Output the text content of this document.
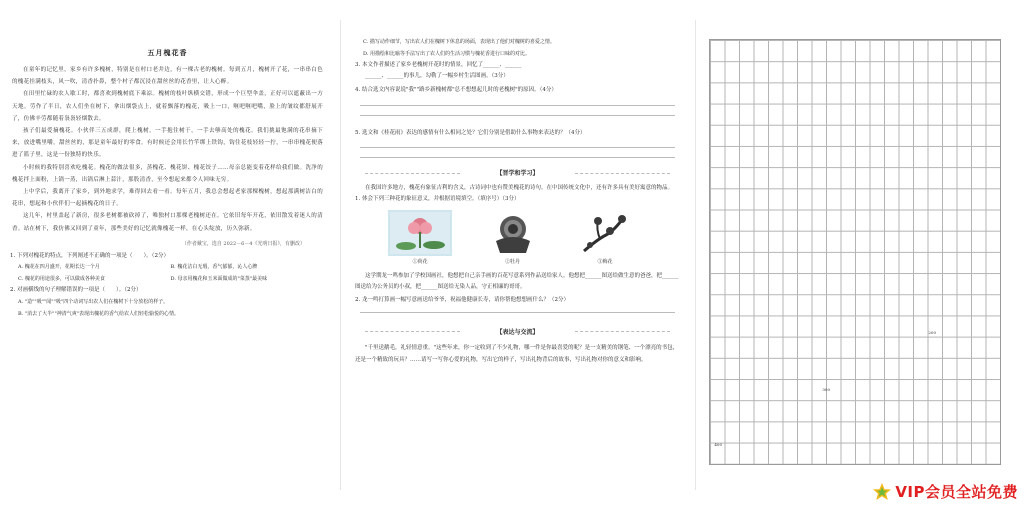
五月槐花香

在童年的记忆里，家乡有许多槐树，特别是在村口老井边，有一棵古老的槐树。每到五月，槐树开了花，一串串白色的槐花挂满枝头，风一吹，清香扑鼻，整个村子都沉浸在甜丝丝的花香里，让人心醉。

在田里忙碌的农人歇工时，都喜欢到槐树底下乘凉。槐树的枝叶纵横交错，形成一个巨型伞盖，正好可以遮蔽出一方天地。劳作了半日，农人们坐在树下，拿出烟袋点上，就着飘落的槐花，吸上一口，咂吧咂吧嘴，脸上的皱纹都舒展开了，仿佛辛劳都随着袅袅轻烟散去。

孩子们最爱摘槐花。小伙伴三五成群，爬上槐树，一手抱住树干，一手去够高处的槐花。我们挑最饱满的花串摘下来，放进嘴里嚼，甜丝丝的，那是童年最好的零食。有时候还会用长竹竿绑上铁钩，钩住花枝轻轻一拧，一串串槐花便落进了篮子里，这是一份独特的快乐。

小时候的我特别喜欢吃槐花。槐花的做法很多，蒸槐花、槐花饼、槐花饺子……母亲总能变着花样给我们做。洗净的槐花拌上面粉，上锅一蒸，出锅后淋上蒜汁，那股清香，至今想起来都令人回味无穷。

上中学后，我离开了家乡，到外地求学，难得回去看一看。每年五月，我总会想起老家那棵槐树，想起那满树洁白的花串，想起和小伙伴们一起摘槐花的日子。

这几年，村里盖起了新房，很多老树都被砍掉了，唯独村口那棵老槐树还在。它依旧每年开花，依旧散发着迷人的清香。站在树下，我仿佛又回到了童年，那些美好的记忆就像槐花一样，在心头绽放，历久弥新。

（作者戴宝，选自 2022－6－4《光明日报》，有删改）
1. 下列对槐花的特点，下列阐述不正确的一项是（　　）。（2分）
A. 槐花在四月盛开，花期长达一个月	B. 槐花洁白无瑕，香气郁郁，沁人心脾
C. 槐花的用途很多，可以做成各种美食	D. 母亲用槐花和玉米面做成的"菜蒸"最美味
2. 对画横线的句子理解错误的一项是（　　）。（2分）
A. "造""吸""闻""吸"四个动词写出农人们在槐树下十分放松的样子。
B. "消去了大半""神清气爽"表现出槐花的香气给农人们轻松愉悦的心情。
C. 描写动作细节，写出农人们在槐树下休息的场面，表现出了他们对槐树的喜爱之情。
D. 用描绘和比喻等手法写出了农人们的生活习惯与槐花香进行口味的对比。
3. 本文作者描述了家乡老槐树开花时的情景，回忆了______、______
______、______的事儿，勾勒了一幅乡村生活图画。（3分）
4. 结合选文内容说说"我""路乡新槐树都"总不想想起儿时的老槐树"的原因。（4分）
5. 选文和《桂花雨》表达的感情有什么相同之处？它们分别是借助什么事物来表达的？（4分）
【晋学和学习】
在我国许多地方，槐花有象征吉利的含义，古诗词中也有赞美槐花的诗句。在中国传统文化中，还有许多具有美好寓意的物品。
1. 体会下列三种花的象征意义，并根据语境填空。（填序号）（3分）
①荷花	②牡丹	③梅花
这学期龙一鸣参加了学校国画社，他想把自己亲手画的百花写意系列作品送给家人。他想把______图送给做生意的爸爸，把______图送给为公务员的小叔，把______图送给无染人品，守正相廉的哥哥。
2. 龙一鸣打算画一幅写意画送给爷爷，祝福他健康长寿，请你帮他想想画什么？（2分）
【表达与交流】
"千里送鹅毛，礼轻情意重。"这些年来，你一定收到了不少礼物，哪一件是你最喜爱的呢？是一支精美的钢笔、一个漂亮的书包，还是一个精致的玩具？……请写一写你心爱的礼物，写出它的样子，写出礼物背后的故事，写出礼物对你的意义和影响。
200
300
400
VIP会员全站免费
